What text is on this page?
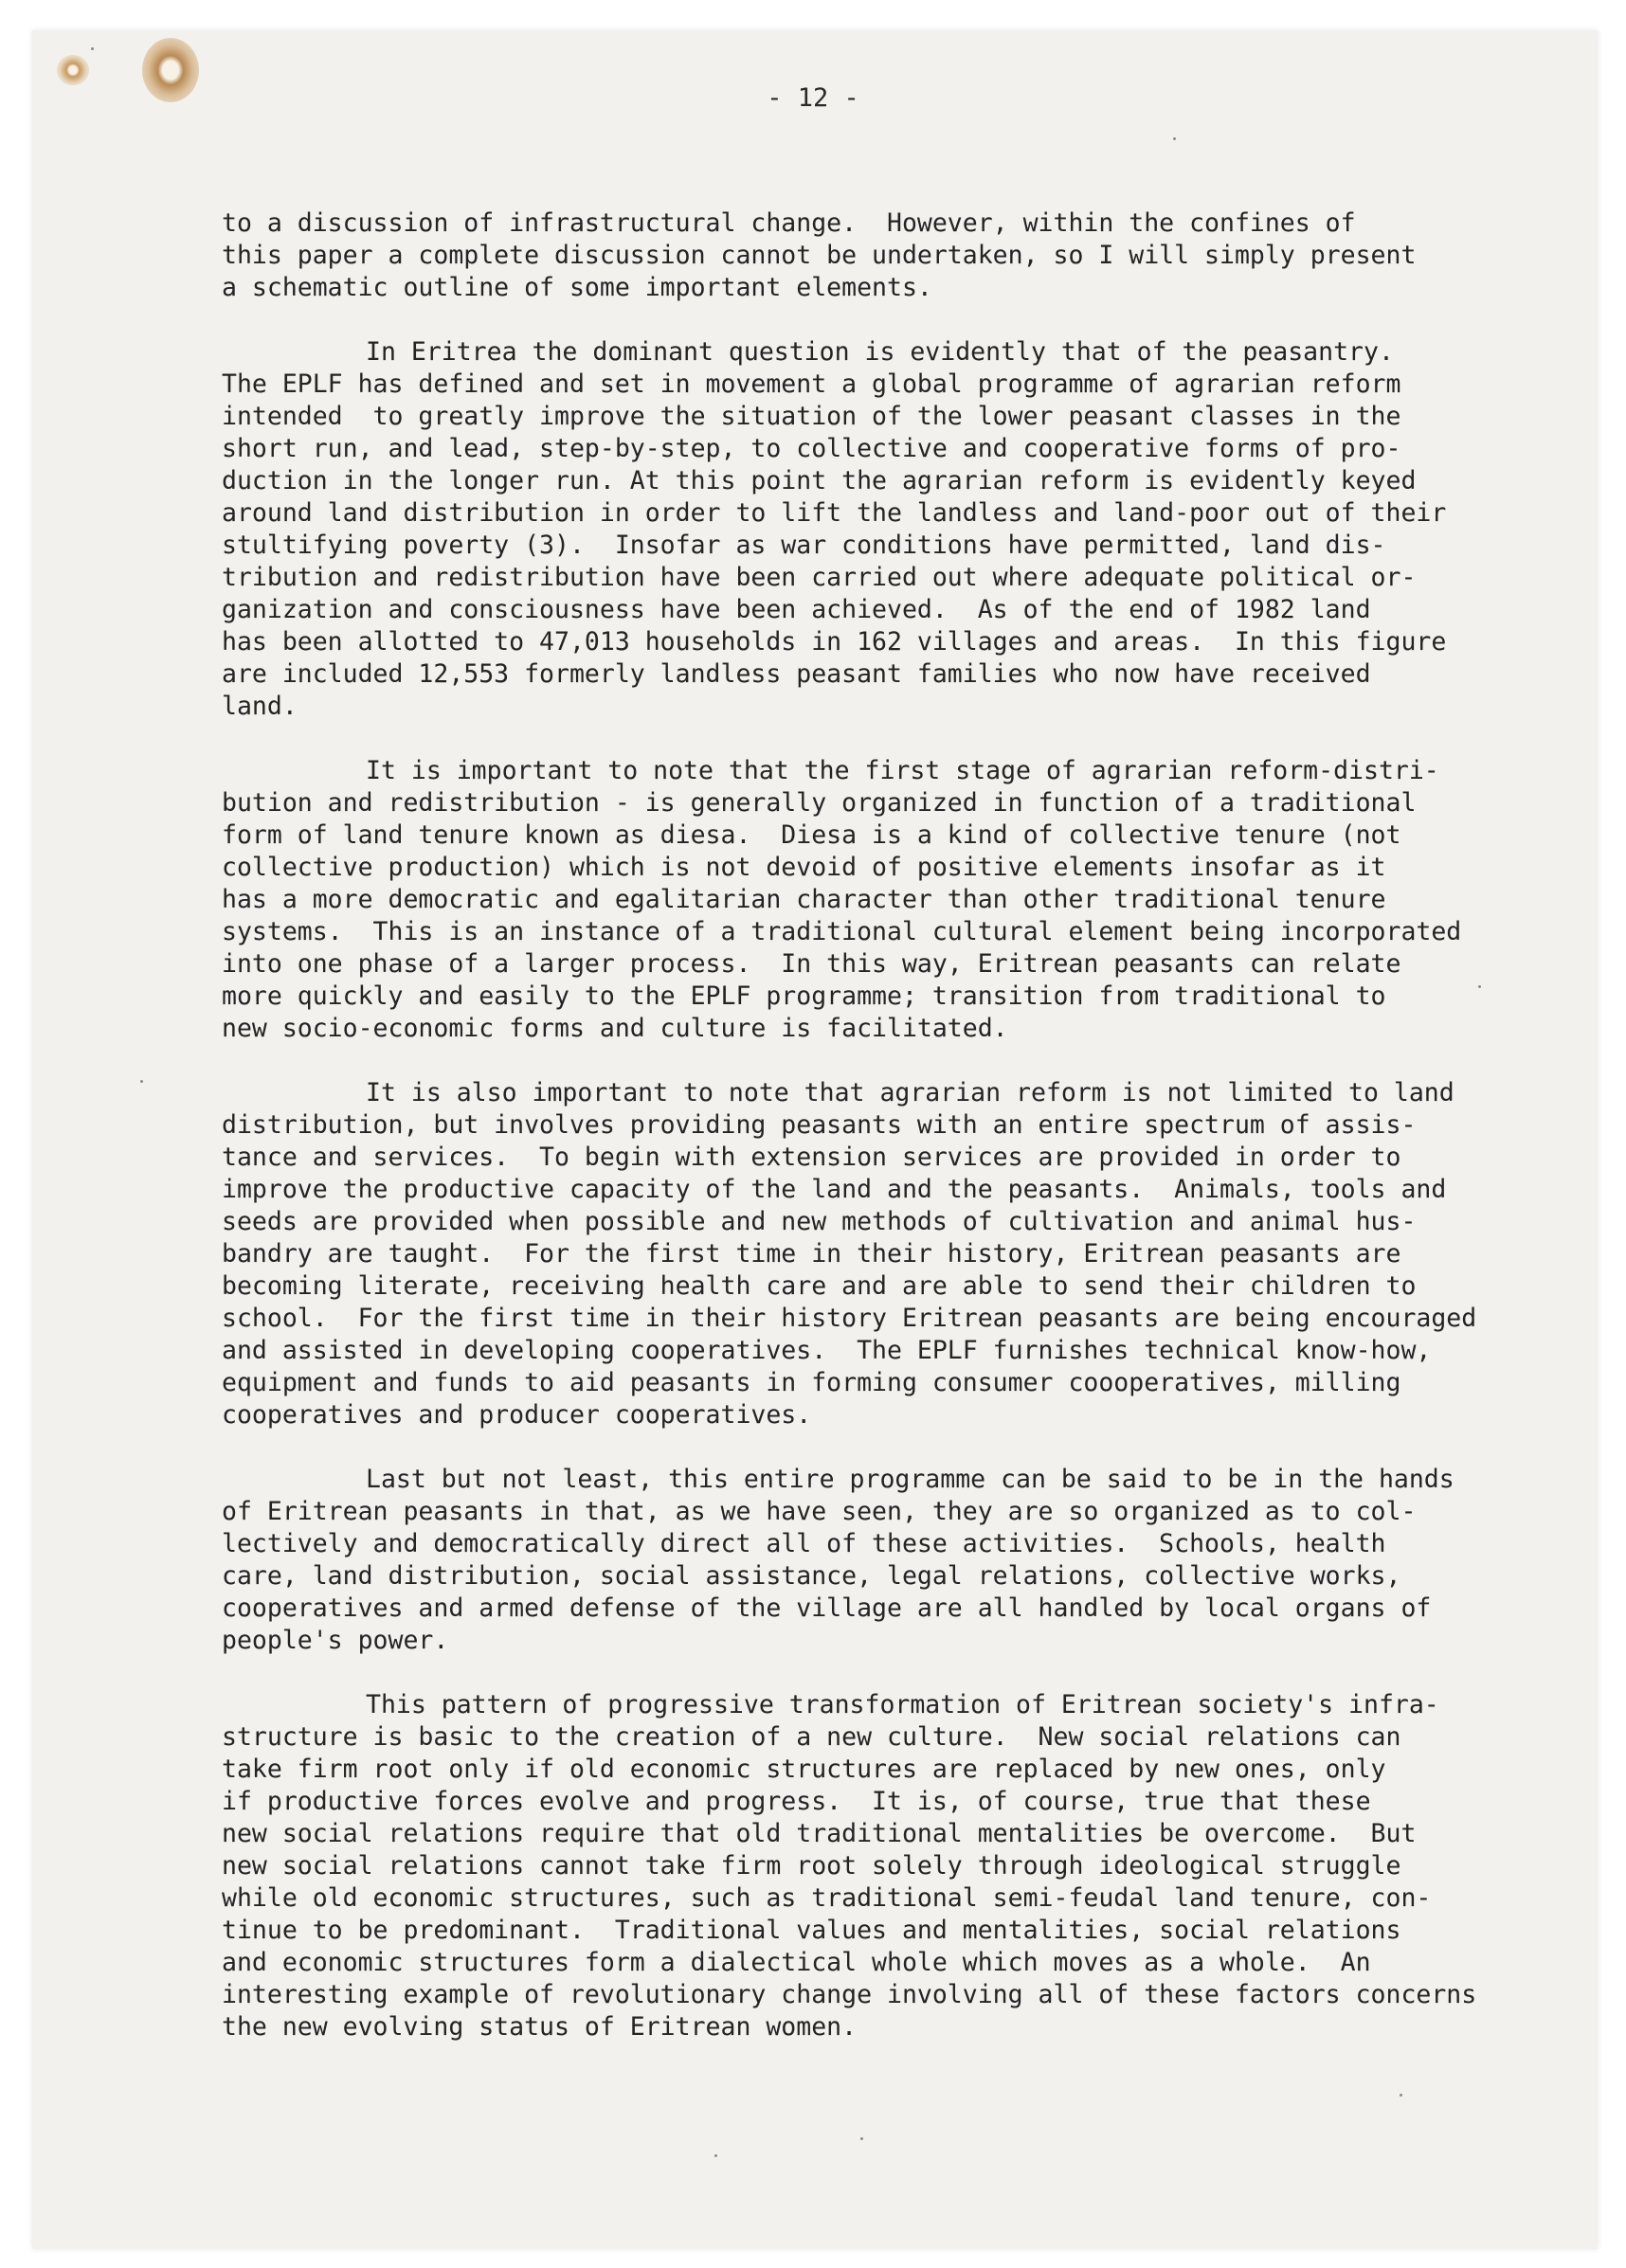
- 12 -
to a discussion of infrastructural change.  However, within the confines of
this paper a complete discussion cannot be undertaken, so I will simply present
a schematic outline of some important elements.
In Eritrea the dominant question is evidently that of the peasantry.
The EPLF has defined and set in movement a global programme of agrarian reform
intended  to greatly improve the situation of the lower peasant classes in the
short run, and lead, step-by-step, to collective and cooperative forms of pro-
duction in the longer run. At this point the agrarian reform is evidently keyed
around land distribution in order to lift the landless and land-poor out of their
stultifying poverty (3).  Insofar as war conditions have permitted, land dis-
tribution and redistribution have been carried out where adequate political or-
ganization and consciousness have been achieved.  As of the end of 1982 land
has been allotted to 47,013 households in 162 villages and areas.  In this figure
are included 12,553 formerly landless peasant families who now have received
land.
It is important to note that the first stage of agrarian reform-distri-
bution and redistribution - is generally organized in function of a traditional
form of land tenure known as diesa.  Diesa is a kind of collective tenure (not
collective production) which is not devoid of positive elements insofar as it
has a more democratic and egalitarian character than other traditional tenure
systems.  This is an instance of a traditional cultural element being incorporated
into one phase of a larger process.  In this way, Eritrean peasants can relate
more quickly and easily to the EPLF programme; transition from traditional to
new socio-economic forms and culture is facilitated.
It is also important to note that agrarian reform is not limited to land
distribution, but involves providing peasants with an entire spectrum of assis-
tance and services.  To begin with extension services are provided in order to
improve the productive capacity of the land and the peasants.  Animals, tools and
seeds are provided when possible and new methods of cultivation and animal hus-
bandry are taught.  For the first time in their history, Eritrean peasants are
becoming literate, receiving health care and are able to send their children to
school.  For the first time in their history Eritrean peasants are being encouraged
and assisted in developing cooperatives.  The EPLF furnishes technical know-how,
equipment and funds to aid peasants in forming consumer coooperatives, milling
cooperatives and producer cooperatives.
Last but not least, this entire programme can be said to be in the hands
of Eritrean peasants in that, as we have seen, they are so organized as to col-
lectively and democratically direct all of these activities.  Schools, health
care, land distribution, social assistance, legal relations, collective works,
cooperatives and armed defense of the village are all handled by local organs of
people's power.
This pattern of progressive transformation of Eritrean society's infra-
structure is basic to the creation of a new culture.  New social relations can
take firm root only if old economic structures are replaced by new ones, only
if productive forces evolve and progress.  It is, of course, true that these
new social relations require that old traditional mentalities be overcome.  But
new social relations cannot take firm root solely through ideological struggle
while old economic structures, such as traditional semi-feudal land tenure, con-
tinue to be predominant.  Traditional values and mentalities, social relations
and economic structures form a dialectical whole which moves as a whole.  An
interesting example of revolutionary change involving all of these factors concerns
the new evolving status of Eritrean women.
